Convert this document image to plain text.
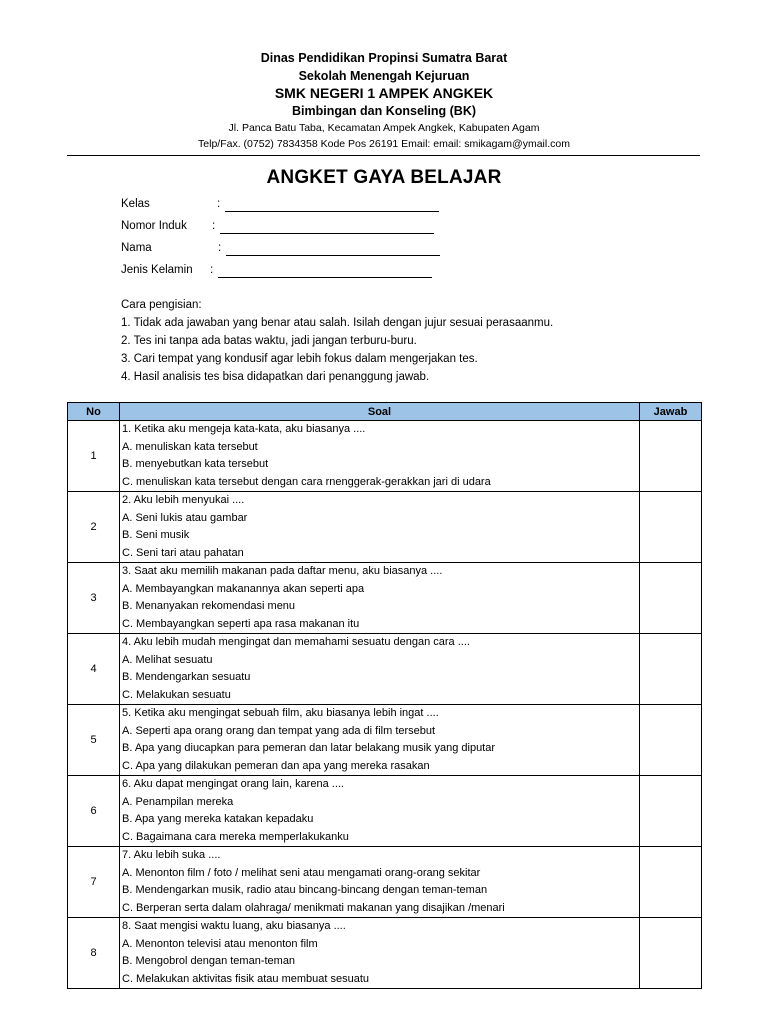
Dinas Pendidikan Propinsi Sumatra Barat
Sekolah Menengah Kejuruan
SMK NEGERI 1 AMPEK ANGKEK
Bimbingan dan Konseling (BK)
Jl. Panca Batu Taba, Kecamatan Ampek Angkek, Kabupaten Agam
Telp/Fax. (0752) 7834358 Kode Pos 26191 Email: email: smikagam@ymail.com
ANGKET GAYA BELAJAR
Kelas	:
Nomor Induk :
Nama	:
Jenis Kelamin :
Cara pengisian:
1. Tidak ada jawaban yang benar atau salah. Isilah dengan jujur sesuai perasaanmu.
2. Tes ini tanpa ada batas waktu, jadi jangan terburu-buru.
3. Cari tempat yang kondusif agar lebih fokus dalam mengerjakan tes.
4. Hasil analisis tes bisa didapatkan dari penanggung jawab.
No	Soal	Jawab
1	1. Ketika aku mengeja kata-kata, aku biasanya ....
A. menuliskan kata tersebut
B. menyebutkan kata tersebut
C. menuliskan kata tersebut dengan cara rnenggerak-gerakkan jari di udara	

2	2. Aku lebih menyukai ....
A. Seni lukis atau gambar
B. Seni musik
C. Seni tari atau pahatan	

3	3. Saat aku memilih makanan pada daftar menu, aku biasanya ....
A. Membayangkan makanannya akan seperti apa
B. Menanyakan rekomendasi menu
C. Membayangkan seperti apa rasa makanan itu	

4	4. Aku lebih mudah mengingat dan memahami sesuatu dengan cara ....
A. Melihat sesuatu
B. Mendengarkan sesuatu
C. Melakukan sesuatu	

5	5. Ketika aku mengingat sebuah film, aku biasanya lebih ingat ....
A. Seperti apa orang orang dan tempat yang ada di film tersebut
B. Apa yang diucapkan para pemeran dan latar belakang musik yang diputar
C. Apa yang dilakukan pemeran dan apa yang mereka rasakan	

6	6. Aku dapat mengingat orang lain, karena ....
A. Penampilan mereka
B. Apa yang mereka katakan kepadaku
C. Bagaimana cara mereka memperlakukanku	

7	7. Aku lebih suka ....
A. Menonton film / foto / melihat seni atau mengamati orang-orang sekitar
B. Mendengarkan musik, radio atau bincang-bincang dengan teman-teman
C. Berperan serta dalam olahraga/ menikmati makanan yang disajikan /menari	

8	8. Saat mengisi waktu luang, aku biasanya ....
A. Menonton televisi atau menonton film
B. Mengobrol dengan teman-teman
C. Melakukan aktivitas fisik atau membuat sesuatu	
